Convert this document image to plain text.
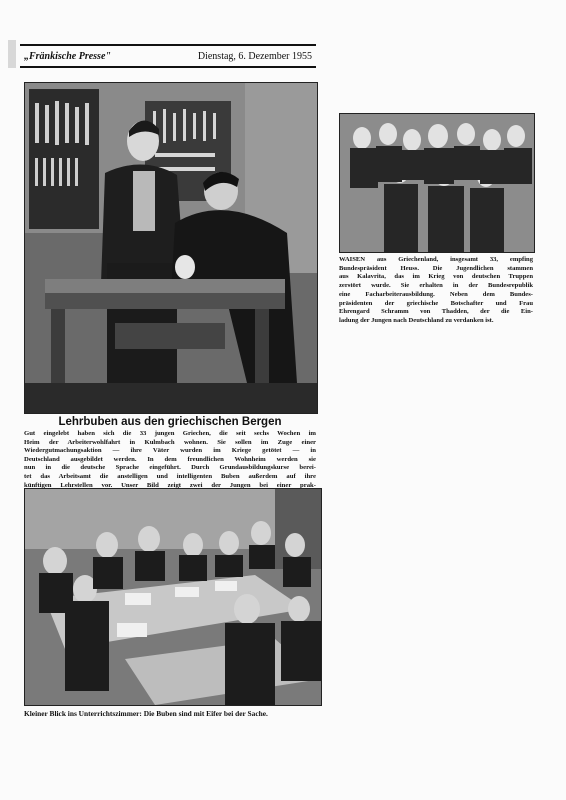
„Fränkische Presse"	Dienstag, 6. Dezember 1955
Lehrbuben aus den griechischen Bergen
Gut eingelebt haben sich die 33 jungen Griechen, die seit sechs Wochen im
Heim der Arbeiterwohlfahrt in Kulmbach wohnen. Sie sollen im Zuge einer
Wiedergutmachungsaktion — ihre Väter wurden im Kriege getötet — in
Deutschland ausgebildet werden. In dem freundlichen Wohnheim werden sie
nun in die deutsche Sprache eingeführt. Durch Grundausbildungskurse berei-
tet das Arbeitsamt die anstelligen und intelligenten Buben außerdem auf ihre
künftigen Lehrstellen vor. Unser Bild zeigt zwei der Jungen bei einer prak-
Kleiner Blick ins Unterrichtszimmer: Die Buben sind mit Eifer bei der Sache.
WAISEN aus Griechenland, insgesamt 33, empfing
Bundespräsident Heuss. Die Jugendlichen stammen
aus Kalavrita, das im Krieg von deutschen Truppen
zerstört wurde. Sie erhalten in der Bundesrepublik
eine Facharbeiterausbildung. Neben dem Bundes-
präsidenten der griechische Botschafter und Frau
Ehrengard Schramm von Thadden, der die Ein-
ladung der Jungen nach Deutschland zu verdanken ist.
